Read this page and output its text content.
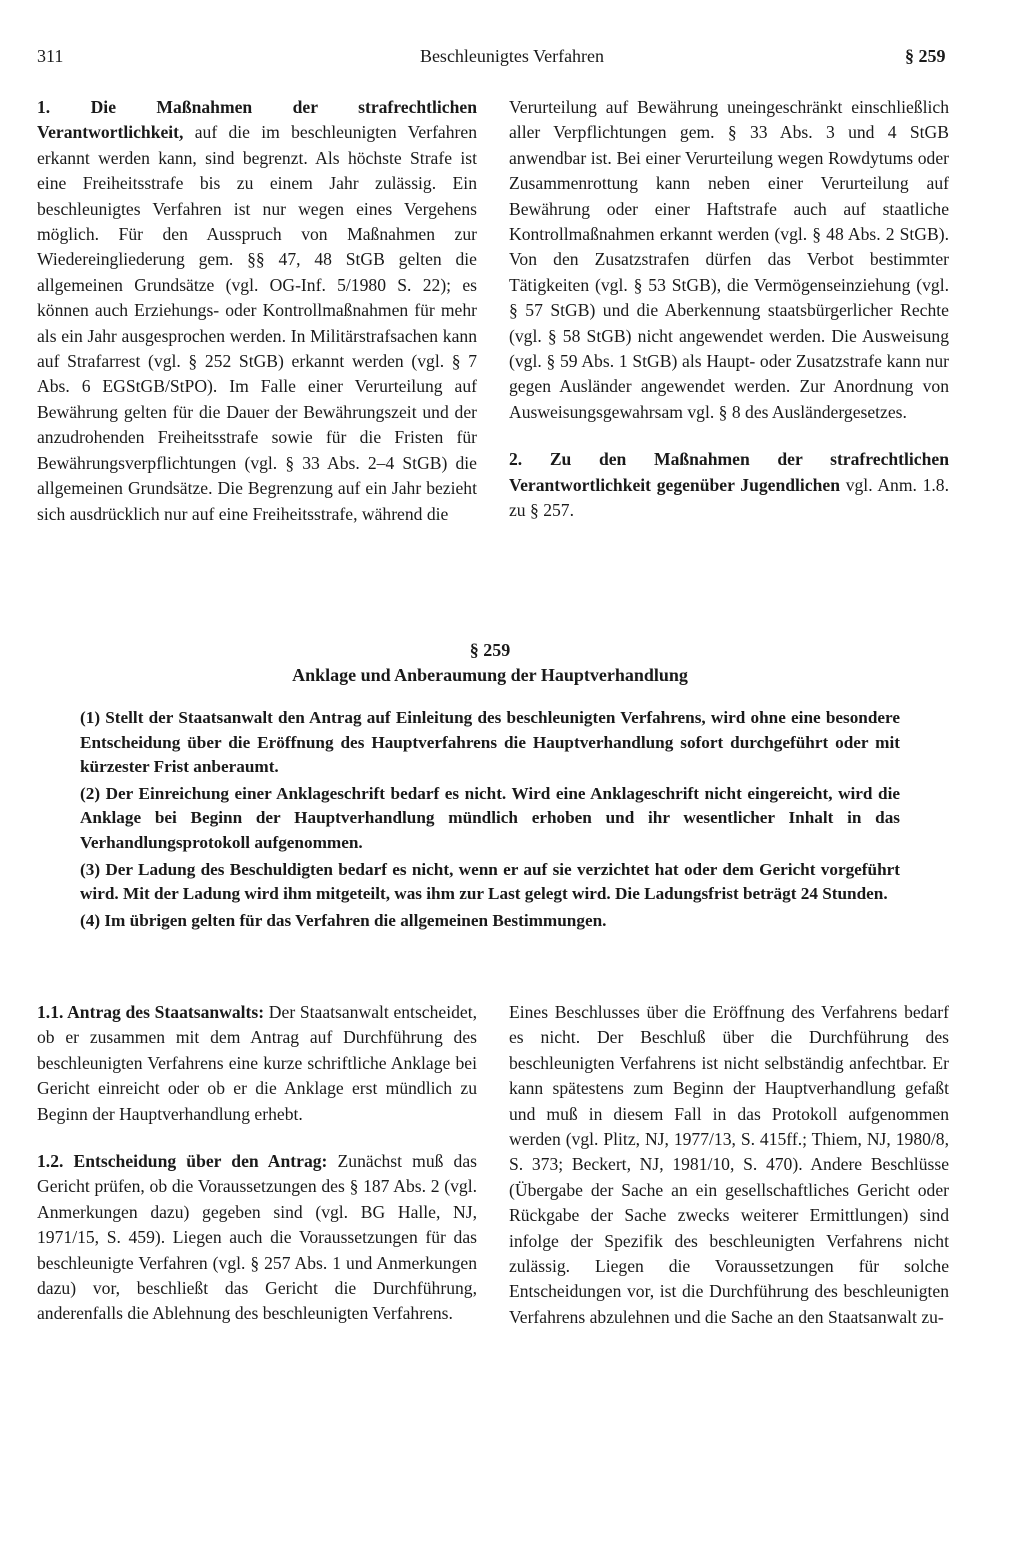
311	Beschleunigtes Verfahren	§ 259

1. Die Maßnahmen der strafrechtlichen Verantwortlichkeit, auf die im beschleunigten Verfahren erkannt werden kann, sind begrenzt. Als höchste Strafe ist eine Freiheitsstrafe bis zu einem Jahr zulässig. Ein beschleunigtes Verfahren ist nur wegen eines Vergehens möglich. Für den Ausspruch von Maßnahmen zur Wiedereingliederung gem. §§ 47, 48 StGB gelten die allgemeinen Grundsätze (vgl. OG-Inf. 5/1980 S. 22); es können auch Erziehungs- oder Kontrollmaßnahmen für mehr als ein Jahr ausgesprochen werden. In Militärstrafsachen kann auf Strafarrest (vgl. § 252 StGB) erkannt werden (vgl. § 7 Abs. 6 EGStGB/StPO). Im Falle einer Verurteilung auf Bewährung gelten für die Dauer der Bewährungszeit und der anzudrohenden Freiheitsstrafe sowie für die Fristen für Bewährungsverpflichtungen (vgl. § 33 Abs. 2–4 StGB) die allgemeinen Grundsätze. Die Begrenzung auf ein Jahr bezieht sich ausdrücklich nur auf eine Freiheitsstrafe, während die

Verurteilung auf Bewährung uneingeschränkt einschließlich aller Verpflichtungen gem. § 33 Abs. 3 und 4 StGB anwendbar ist. Bei einer Verurteilung wegen Rowdytums oder Zusammenrottung kann neben einer Verurteilung auf Bewährung oder einer Haftstrafe auch auf staatliche Kontrollmaßnahmen erkannt werden (vgl. § 48 Abs. 2 StGB). Von den Zusatzstrafen dürfen das Verbot bestimmter Tätigkeiten (vgl. § 53 StGB), die Vermögenseinziehung (vgl. § 57 StGB) und die Aberkennung staatsbürgerlicher Rechte (vgl. § 58 StGB) nicht angewendet werden. Die Ausweisung (vgl. § 59 Abs. 1 StGB) als Haupt- oder Zusatzstrafe kann nur gegen Ausländer angewendet werden. Zur Anordnung von Ausweisungsgewahrsam vgl. § 8 des Ausländergesetzes.

2. Zu den Maßnahmen der strafrechtlichen Verantwortlichkeit gegenüber Jugendlichen vgl. Anm. 1.8. zu § 257.

§ 259
Anklage und Anberaumung der Hauptverhandlung
(1) Stellt der Staatsanwalt den Antrag auf Einleitung des beschleunigten Verfahrens, wird ohne eine besondere Entscheidung über die Eröffnung des Hauptverfahrens die Hauptverhandlung sofort durchgeführt oder mit kürzester Frist anberaumt.
(2) Der Einreichung einer Anklageschrift bedarf es nicht. Wird eine Anklageschrift nicht eingereicht, wird die Anklage bei Beginn der Hauptverhandlung mündlich erhoben und ihr wesentlicher Inhalt in das Verhandlungsprotokoll aufgenommen.
(3) Der Ladung des Beschuldigten bedarf es nicht, wenn er auf sie verzichtet hat oder dem Gericht vorgeführt wird. Mit der Ladung wird ihm mitgeteilt, was ihm zur Last gelegt wird. Die Ladungsfrist beträgt 24 Stunden.
(4) Im übrigen gelten für das Verfahren die allgemeinen Bestimmungen.

1.1. Antrag des Staatsanwalts: Der Staatsanwalt entscheidet, ob er zusammen mit dem Antrag auf Durchführung des beschleunigten Verfahrens eine kurze schriftliche Anklage bei Gericht einreicht oder ob er die Anklage erst mündlich zu Beginn der Hauptverhandlung erhebt.

1.2. Entscheidung über den Antrag: Zunächst muß das Gericht prüfen, ob die Voraussetzungen des § 187 Abs. 2 (vgl. Anmerkungen dazu) gegeben sind (vgl. BG Halle, NJ, 1971/15, S. 459). Liegen auch die Voraussetzungen für das beschleunigte Verfahren (vgl. § 257 Abs. 1 und Anmerkungen dazu) vor, beschließt das Gericht die Durchführung, anderenfalls die Ablehnung des beschleunigten Verfahrens.

Eines Beschlusses über die Eröffnung des Verfahrens bedarf es nicht. Der Beschluß über die Durchführung des beschleunigten Verfahrens ist nicht selbständig anfechtbar. Er kann spätestens zum Beginn der Hauptverhandlung gefaßt und muß in diesem Fall in das Protokoll aufgenommen werden (vgl. Plitz, NJ, 1977/13, S. 415ff.; Thiem, NJ, 1980/8, S. 373; Beckert, NJ, 1981/10, S. 470). Andere Beschlüsse (Übergabe der Sache an ein gesellschaftliches Gericht oder Rückgabe der Sache zwecks weiterer Ermittlungen) sind infolge der Spezifik des beschleunigten Verfahrens nicht zulässig. Liegen die Voraussetzungen für solche Entscheidungen vor, ist die Durchführung des beschleunigten Verfahrens abzulehnen und die Sache an den Staatsanwalt zu-
